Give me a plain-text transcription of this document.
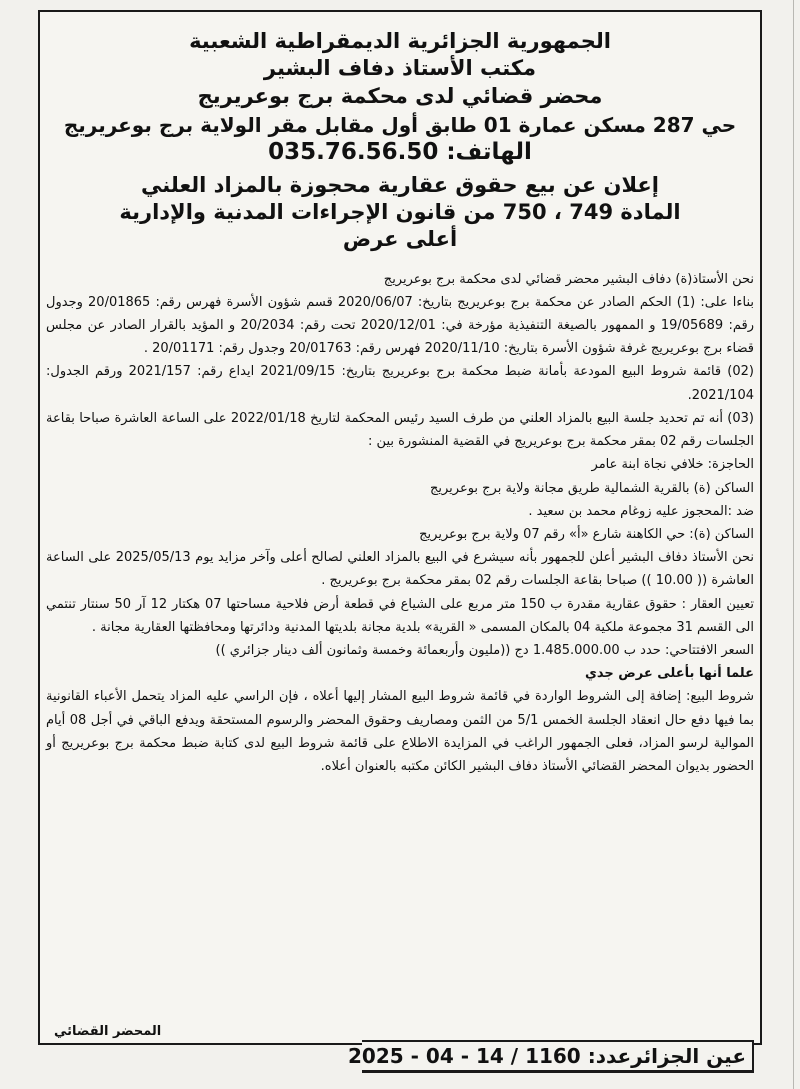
الجمهورية الجزائرية الديمقراطية الشعبية
مكتب الأستاذ دفاف البشير
محضر قضائي لدى محكمة برج بوعريريج
حي 287 مسكن عمارة 01 طابق أول مقابل مقر الولاية برج بوعريريج
الهاتف: 035.76.56.50
إعلان عن بيع حقوق عقارية محجوزة بالمزاد العلني
المادة 749 ، 750 من قانون الإجراءات المدنية والإدارية
أعلى عرض
نحن الأستاذ(ة) دفاف البشير محضر قضائي لدى محكمة برج بوعريريج
بناءا على: (1) الحكم الصادر عن محكمة برج بوعريريج بتاريخ: 2020/06/07 قسم شؤون الأسرة فهرس رقم: 20/01865 وجدول رقم: 19/05689 و الممهور بالصيغة التنفيذية مؤرخة في: 2020/12/01 تحت رقم: 20/2034 و المؤيد بالقرار الصادر عن مجلس قضاء برج بوعريريج غرفة شؤون الأسرة بتاريخ: 2020/11/10 فهرس رقم: 20/01763 وجدول رقم: 20/01171 .
(02) قائمة شروط البيع المودعة بأمانة ضبط محكمة برج بوعريريج بتاريخ: 2021/09/15 ايداع رقم: 2021/157 ورقم الجدول: 2021/104.
(03) أنه تم تحديد جلسة البيع بالمزاد العلني من طرف السيد رئيس المحكمة لتاريخ 2022/01/18 على الساعة العاشرة صباحا بقاعة الجلسات رقم 02 بمقر محكمة برج بوعريريج في القضية المنشورة بين :
الحاجزة: خلافي نجاة ابنة عامر
الساكن (ة) بالقرية الشمالية طريق مجانة ولاية برج بوعريريج
ضد :المحجوز عليه زوغام محمد بن سعيد .
الساكن (ة): حي الكاهنة شارع «أ» رقم 07 ولاية برج بوعريريج
نحن الأستاذ دفاف البشير أعلن للجمهور بأنه سيشرع في البيع بالمزاد العلني لصالح أعلى وآخر مزايد يوم 2025/05/13 على الساعة العاشرة (( 10.00 )) صباحا بقاعة الجلسات رقم 02 بمقر محكمة برج بوعريريج .
تعيين العقار : حقوق عقارية مقدرة ب 150 متر مربع على الشياع في قطعة أرض فلاحية مساحتها 07 هكتار 12 آر 50 سنتار تنتمي الى القسم 31 مجموعة ملكية 04 بالمكان المسمى « القرية» بلدية مجانة بلديتها المدنية ودائرتها ومحافظتها العقارية مجانة .
السعر الافتتاحي: حدد ب 1.485.000.00 دج ((مليون وأربعمائة وخمسة وثمانون ألف دينار جزائري ))
علما أنها بأعلى عرض جدي
شروط البيع: إضافة إلى الشروط الواردة في قائمة شروط البيع المشار إليها أعلاه ، فإن الراسي عليه المزاد يتحمل الأعباء القانونية بما فيها دفع حال انعقاد الجلسة الخمس 5/1 من الثمن ومصاريف وحقوق المحضر والرسوم المستحقة ويدفع الباقي في أجل 08 أيام الموالية لرسو المزاد، فعلى الجمهور الراغب في المزايدة الاطلاع على قائمة شروط البيع لدى كتابة ضبط محكمة برج بوعريريج أو الحضور بديوان المحضر القضائي الأستاذ دفاف البشير الكائن مكتبه بالعنوان أعلاه.
المحضر القضائي
عين الجزائرعدد: 1160 / 14 - 04 - 2025
